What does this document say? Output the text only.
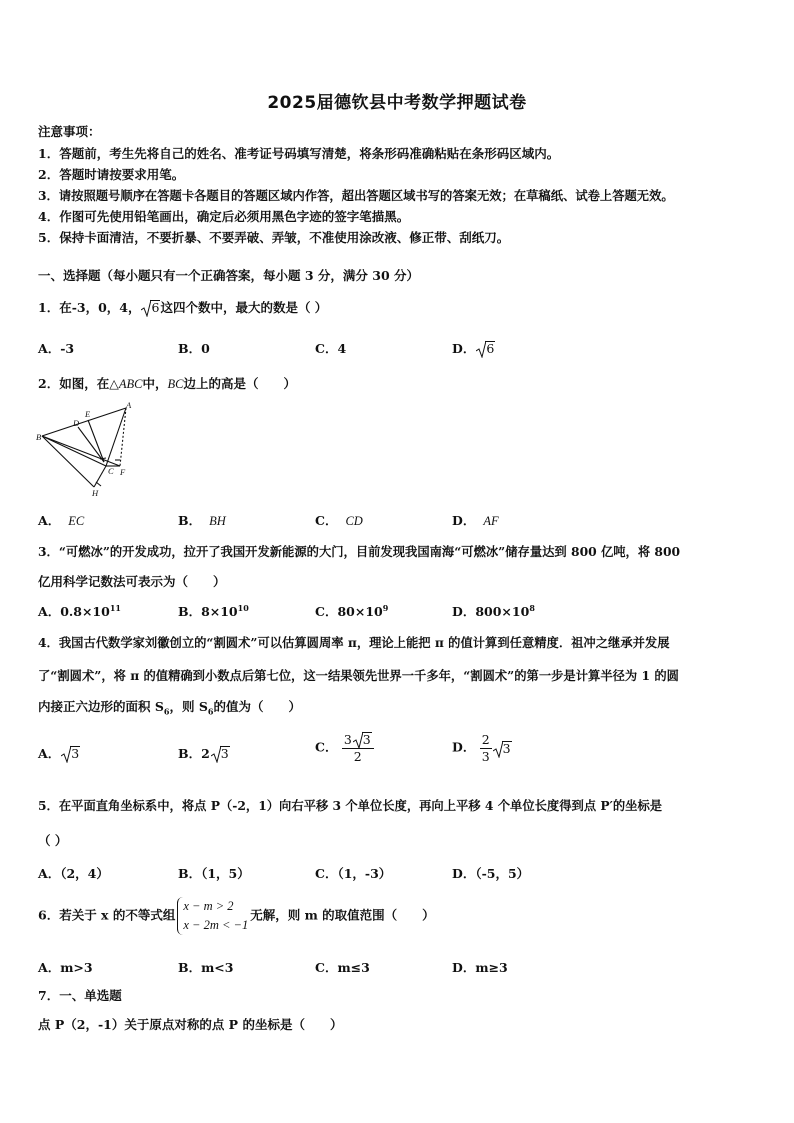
2025届德钦县中考数学押题试卷
注意事项：
1．答题前，考生先将自己的姓名、准考证号码填写清楚，将条形码准确粘贴在条形码区域内。
2．答题时请按要求用笔。
3．请按照题号顺序在答题卡各题目的答题区域内作答，超出答题区域书写的答案无效；在草稿纸、试卷上答题无效。
4．作图可先使用铅笔画出，确定后必须用黑色字迹的签字笔描黑。
5．保持卡面清洁，不要折暴、不要弄破、弄皱，不准使用涂改液、修正带、刮纸刀。
一、选择题（每小题只有一个正确答案，每小题 3 分，满分 30 分）
1．在-3，0，4， 6这四个数中，最大的数是（ ）
A．-3	B．0	C．4	D． 6
2．如图，在△ABC中，BC边上的高是（　　）
A
B
C
D
E
F
H
A． EC	B． BH	C． CD	D． AF
3．“可燃冰”的开发成功，拉开了我国开发新能源的大门，目前发现我国南海“可燃冰”储存量达到 800 亿吨，将 800
亿用科学记数法可表示为（　　）
A．$0.8\times 10^{11}$	B．$8\times 10^{10}$	C．$80\times 10^9$	D．$800\times 10^8$
4．我国古代数学家刘徽创立的“割圆术”可以估算圆周率 π，理论上能把 π 的值计算到任意精度．祖冲之继承并发展
了“割圆术”，将 π 的值精确到小数点后第七位，这一结果领先世界一千多年，“割圆术”的第一步是计算半径为 1 的圆
内接正六边形的面积 $S_6$，则 $S_6$的值为（　　）
A． 3	B．2 3	C． $\frac{3 3}{2}$	D． $\frac{2}{3} 3$
5．在平面直角坐标系中，将点 P（-2，1）向右平移 3 个单位长度，再向上平移 4 个单位长度得到点 P′的坐标是
（ ）
A．（2，4）	B．（1，5）	C．（1，-3）	D．（-5，5）
6．若关于 x 的不等式组
x − m > 2
x − 2m < −1
无解，则 m 的取值范围（　　）
A．m>3	B．m<3	C．m≤3	D．m≥3
7．一、单选题
点 P（2，-1）关于原点对称的点 P 的坐标是（　　）
